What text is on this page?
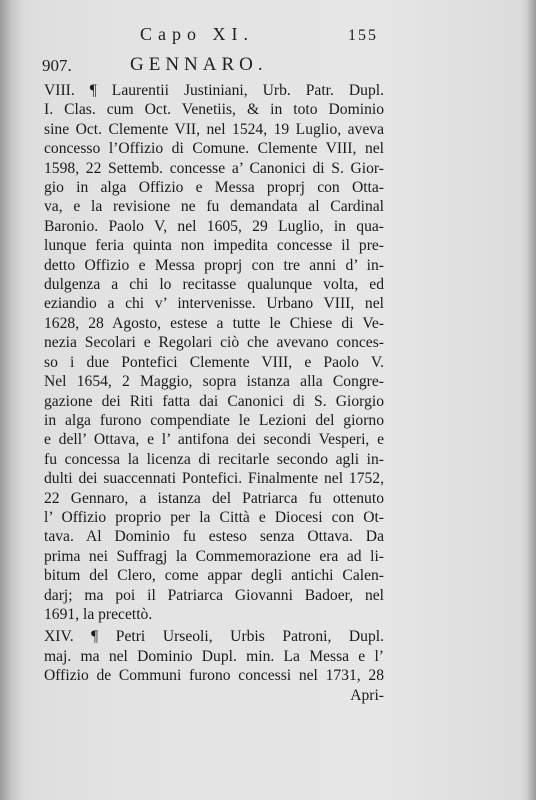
Capo XI.	155
907.	GENNARO.
VIII. ¶ Laurentii Justiniani, Urb. Patr. Dupl.
I. Clas. cum Oct. Venetiis, & in toto Dominio
sine Oct. Clemente VII, nel 1524, 19 Luglio, aveva
concesso l’Offizio di Comune. Clemente VIII, nel
1598, 22 Settemb. concesse a’ Canonici di S. Gior-
gio in alga Offizio e Messa proprj con Otta-
va, e la revisione ne fu demandata al Cardinal
Baronio. Paolo V, nel 1605, 29 Luglio, in qua-
lunque feria quinta non impedita concesse il pre-
detto Offizio e Messa proprj con tre anni d’ in-
dulgenza a chi lo recitasse qualunque volta, ed
eziandio a chi v’ intervenisse. Urbano VIII, nel
1628, 28 Agosto, estese a tutte le Chiese di Ve-
nezia Secolari e Regolari ciò che avevano conces-
so i due Pontefici Clemente VIII, e Paolo V.
Nel 1654, 2 Maggio, sopra istanza alla Congre-
gazione dei Riti fatta dai Canonici di S. Giorgio
in alga furono compendiate le Lezioni del giorno
e dell’ Ottava, e l’ antifona dei secondi Vesperi, e
fu concessa la licenza di recitarle secondo agli in-
dulti dei suaccennati Pontefici. Finalmente nel 1752,
22 Gennaro, a istanza del Patriarca fu ottenuto
l’ Offizio proprio per la Città e Diocesi con Ot-
tava. Al Dominio fu esteso senza Ottava. Da
prima nei Suffragj la Commemorazione era ad li-
bitum del Clero, come appar degli antichi Calen-
darj; ma poi il Patriarca Giovanni Badoer, nel
1691, la precettò.
XIV. ¶ Petri Urseoli, Urbis Patroni, Dupl.
maj. ma nel Dominio Dupl. min. La Messa e l’
Offizio de Communi furono concessi nel 1731, 28
Apri-
